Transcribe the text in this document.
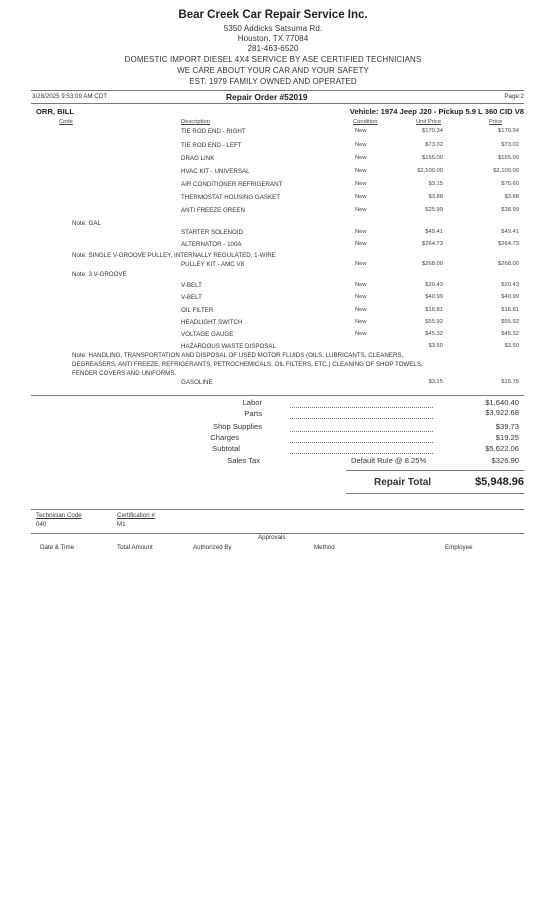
Bear Creek Car Repair Service Inc.
5350 Addicks Satsuma Rd.
Houston, TX 77084
281-463-6520
DOMESTIC IMPORT DIESEL 4X4 SERVICE BY ASE CERTIFIED TECHNICIANS
WE CARE ABOUT YOUR CAR AND YOUR SAFETY
EST. 1979 FAMILY OWNED AND OPERATED
3/28/2025 9:53:09 AM CDT	Repair Order #52019	Page:2
ORR, BILL	Vehicle: 1974 Jeep J20 - Pickup 5.9 L 360 CID V8
Code	Description	Condition	Unit Price	Price
TIE ROD END - RIGHT	New	$170.34	$170.34
TIE ROD END - LEFT	New	$73.02	$73.02
DRAG LINK	New	$165.00	$165.00
HVAC KIT - UNIVERSAL	New	$2,100.00	$2,100.00
AIR CONDITIONER REFRIGERANT	New	$3.15	$75.60
THERMOSTAT HOUSING GASKET	New	$3.88	$3.88
ANTI FREEZE GREEN	New	$25.99	$38.99
Note: GAL
STARTER SOLENOID	New	$49.41	$49.41
ALTERNATOR - 100A	New	$264.73	$264.73
Note: SINGLE V-GROOVE PULLEY, INTERNALLY REGULATED, 1-WIRE
PULLEY KIT - AMC V8	New	$268.00	$268.00
Note: 3 V-GROOVE
V-BELT	New	$20.43	$20.43
V-BELT	New	$40.99	$40.99
OIL FILTER	New	$16.81	$16.81
HEADLIGHT SWITCH	New	$55.92	$55.92
VOLTAGE GAUGE	New	$45.32	$45.32
HAZARDOUS WASTE DISPOSAL	$3.50	$3.50
Note: HANDLING, TRANSPORTATION AND DISPOSAL OF USED MOTOR FLUIDS (OILS, LUBRICANTS, CLEANERS,
DEGREASERS, ANTI FREEZE, REFRIGERANTS, PETROCHEMICALS, OIL FILTERS, ETC.) CLEANING OF SHOP TOWELS,
FENDER COVERS AND UNIFORMS.
GASOLINE	$3.15	$15.75
Labor	$1,640.40
Parts	$3,922.68
Shop Supplies	$39.73
Charges	$19.25
Subtotal	$5,622.06
Sales Tax	Default Rule @ 8.25%	$326.90
Repair Total	$5,948.96
Technician Code
040
Certification #
M1
Approvals
Date & Time	Total Amount	Authorized By	Method	Employee
